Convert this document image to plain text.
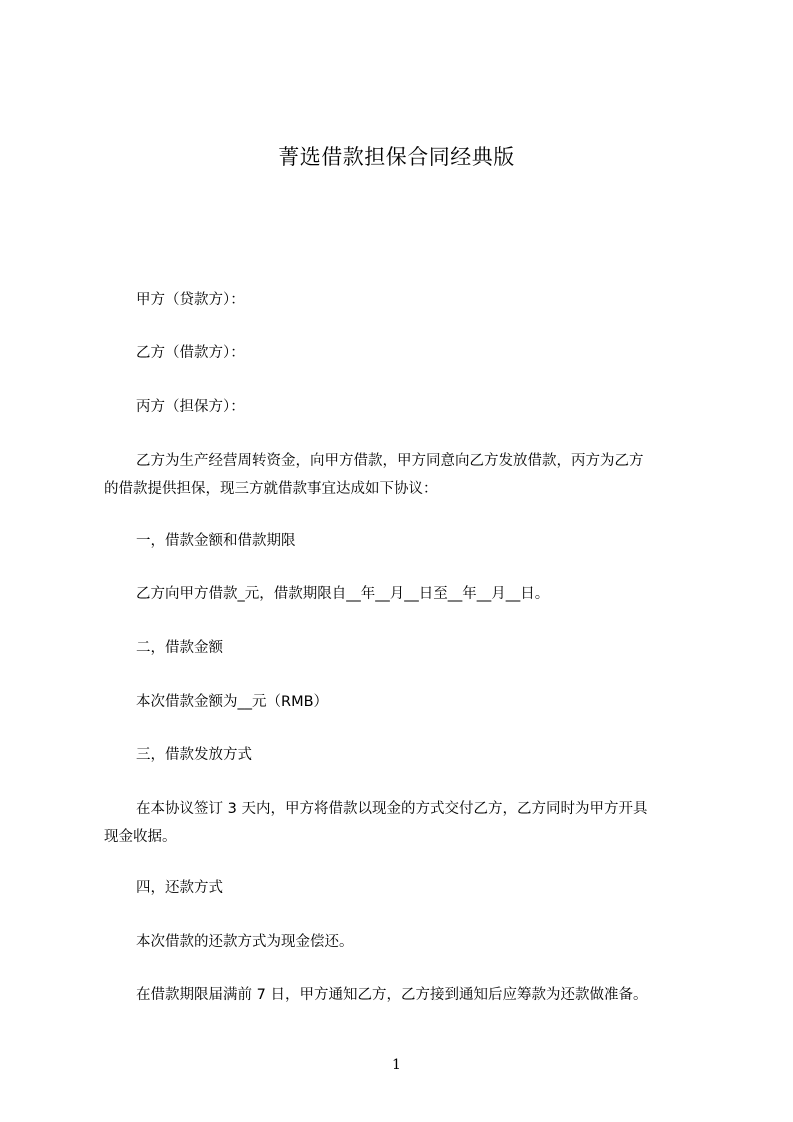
菁选借款担保合同经典版
甲方（贷款方）：
乙方（借款方）：
丙方（担保方）：
乙方为生产经营周转资金，向甲方借款，甲方同意向乙方发放借款，丙方为乙方
的借款提供担保，现三方就借款事宜达成如下协议：
一，借款金额和借款期限
乙方向甲方借款_元，借款期限自__年__月__日至__年__月__日。
二，借款金额
本次借款金额为__元（RMB）
三，借款发放方式
在本协议签订 3 天内，甲方将借款以现金的方式交付乙方，乙方同时为甲方开具
现金收据。
四，还款方式
本次借款的还款方式为现金偿还。
在借款期限届满前 7 日，甲方通知乙方，乙方接到通知后应筹款为还款做准备。
1
